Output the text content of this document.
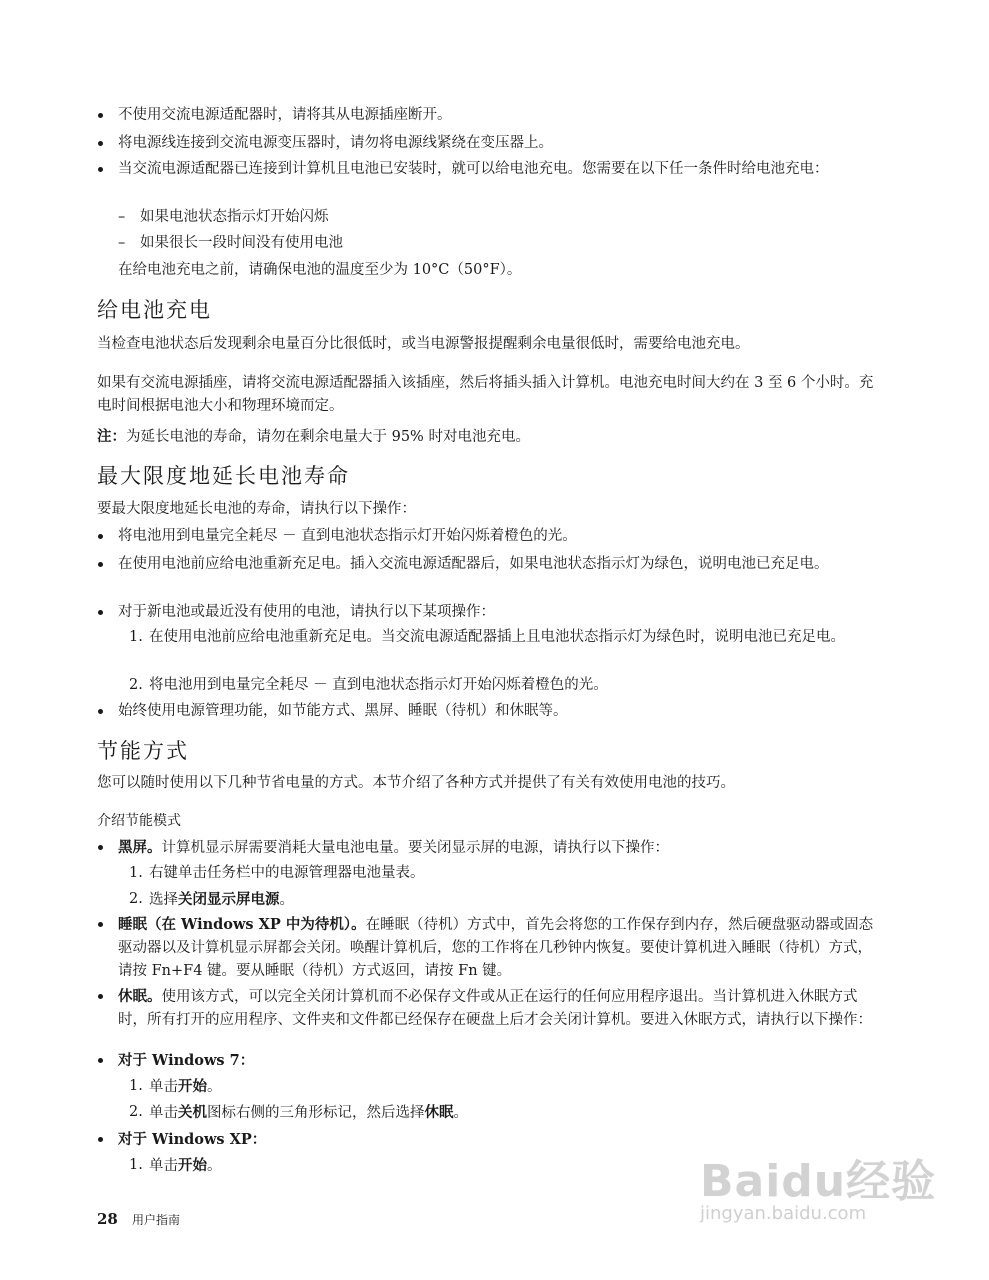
不使用交流电源适配器时，请将其从电源插座断开。
将电源线连接到交流电源变压器时，请勿将电源线紧绕在变压器上。
当交流电源适配器已连接到计算机且电池已安装时，就可以给电池充电。您需要在以下任一条件时给电池充电：
– 如果电池状态指示灯开始闪烁
– 如果很长一段时间没有使用电池
在给电池充电之前，请确保电池的温度至少为 10°C（50°F）。
给电池充电
当检查电池状态后发现剩余电量百分比很低时，或当电源警报提醒剩余电量很低时，需要给电池充电。
如果有交流电源插座，请将交流电源适配器插入该插座，然后将插头插入计算机。电池充电时间大约在 3 至 6 个小时。充电时间根据电池大小和物理环境而定。
注：为延长电池的寿命，请勿在剩余电量大于 95% 时对电池充电。
最大限度地延长电池寿命
要最大限度地延长电池的寿命，请执行以下操作：
将电池用到电量完全耗尽 － 直到电池状态指示灯开始闪烁着橙色的光。
在使用电池前应给电池重新充足电。插入交流电源适配器后，如果电池状态指示灯为绿色，说明电池已充足电。
对于新电池或最近没有使用的电池，请执行以下某项操作：
1. 在使用电池前应给电池重新充足电。当交流电源适配器插上且电池状态指示灯为绿色时，说明电池已充足电。
2. 将电池用到电量完全耗尽 － 直到电池状态指示灯开始闪烁着橙色的光。
始终使用电源管理功能，如节能方式、黑屏、睡眠（待机）和休眠等。
节能方式
您可以随时使用以下几种节省电量的方式。本节介绍了各种方式并提供了有关有效使用电池的技巧。
介绍节能模式
黑屏。计算机显示屏需要消耗大量电池电量。要关闭显示屏的电源，请执行以下操作：
1. 右键单击任务栏中的电源管理器电池量表。
2. 选择关闭显示屏电源。
睡眠（在 Windows XP 中为待机）。在睡眠（待机）方式中，首先会将您的工作保存到内存，然后硬盘驱动器或固态驱动器以及计算机显示屏都会关闭。唤醒计算机后，您的工作将在几秒钟内恢复。要使计算机进入睡眠（待机）方式，请按 Fn+F4 键。要从睡眠（待机）方式返回，请按 Fn 键。
休眠。使用该方式，可以完全关闭计算机而不必保存文件或从正在运行的任何应用程序退出。当计算机进入休眠方式时，所有打开的应用程序、文件夹和文件都已经保存在硬盘上后才会关闭计算机。要进入休眠方式，请执行以下操作：
对于 Windows 7：
1. 单击开始。
2. 单击关机图标右侧的三角形标记，然后选择休眠。
对于 Windows XP：
1. 单击开始。
28 用户指南
Baidu经验
jingyan.baidu.com
